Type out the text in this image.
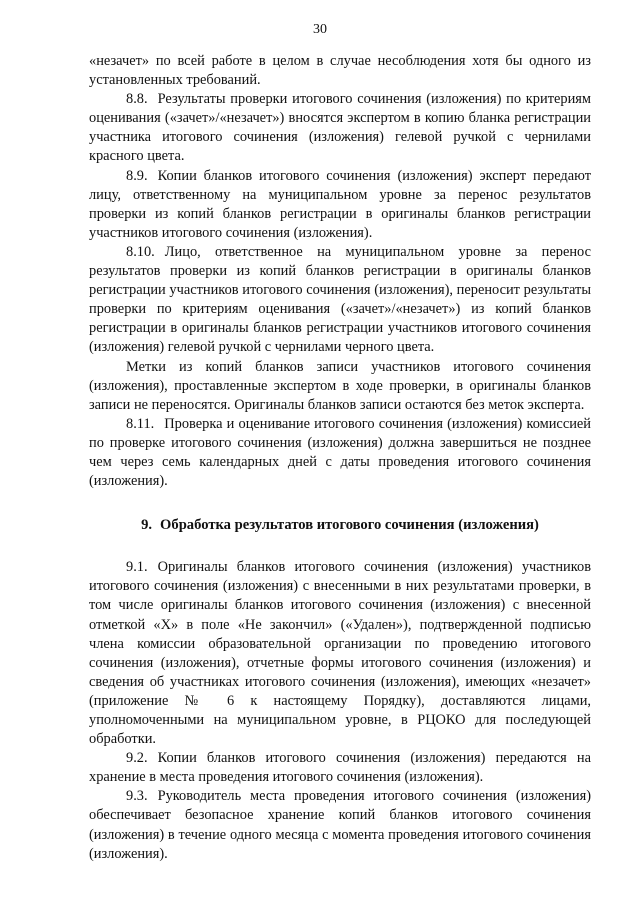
30

«незачет» по всей работе в целом в случае несоблюдения хотя бы одного из установленных требований.

8.8. Результаты проверки итогового сочинения (изложения) по критериям оценивания («зачет»/«незачет») вносятся экспертом в копию бланка регистрации участника итогового сочинения (изложения) гелевой ручкой с чернилами красного цвета.

8.9. Копии бланков итогового сочинения (изложения) эксперт передают лицу, ответственному на муниципальном уровне за перенос результатов проверки из копий бланков регистрации в оригиналы бланков регистрации участников итогового сочинения (изложения).

8.10. Лицо, ответственное на муниципальном уровне за перенос результатов проверки из копий бланков регистрации в оригиналы бланков регистрации участников итогового сочинения (изложения), переносит результаты проверки по критериям оценивания («зачет»/«незачет») из копий бланков регистрации в оригиналы бланков регистрации участников итогового сочинения (изложения) гелевой ручкой с чернилами черного цвета.

Метки из копий бланков записи участников итогового сочинения (изложения), проставленные экспертом в ходе проверки, в оригиналы бланков записи не переносятся. Оригиналы бланков записи остаются без меток эксперта.

8.11. Проверка и оценивание итогового сочинения (изложения) комиссией по проверке итогового сочинения (изложения) должна завершиться не позднее чем через семь календарных дней с даты проведения итогового сочинения (изложения).

9. Обработка результатов итогового сочинения (изложения)

9.1. Оригиналы бланков итогового сочинения (изложения) участников итогового сочинения (изложения) с внесенными в них результатами проверки, в том числе оригиналы бланков итогового сочинения (изложения) с внесенной отметкой «X» в поле «Не закончил» («Удален»), подтвержденной подписью члена комиссии образовательной организации по проведению итогового сочинения (изложения), отчетные формы итогового сочинения (изложения) и сведения об участниках итогового сочинения (изложения), имеющих «незачет» (приложение № 6 к настоящему Порядку), доставляются лицами, уполномоченными на муниципальном уровне, в РЦОКО для последующей обработки.

9.2. Копии бланков итогового сочинения (изложения) передаются на хранение в места проведения итогового сочинения (изложения).

9.3. Руководитель места проведения итогового сочинения (изложения) обеспечивает безопасное хранение копий бланков итогового сочинения (изложения) в течение одного месяца с момента проведения итогового сочинения (изложения).
